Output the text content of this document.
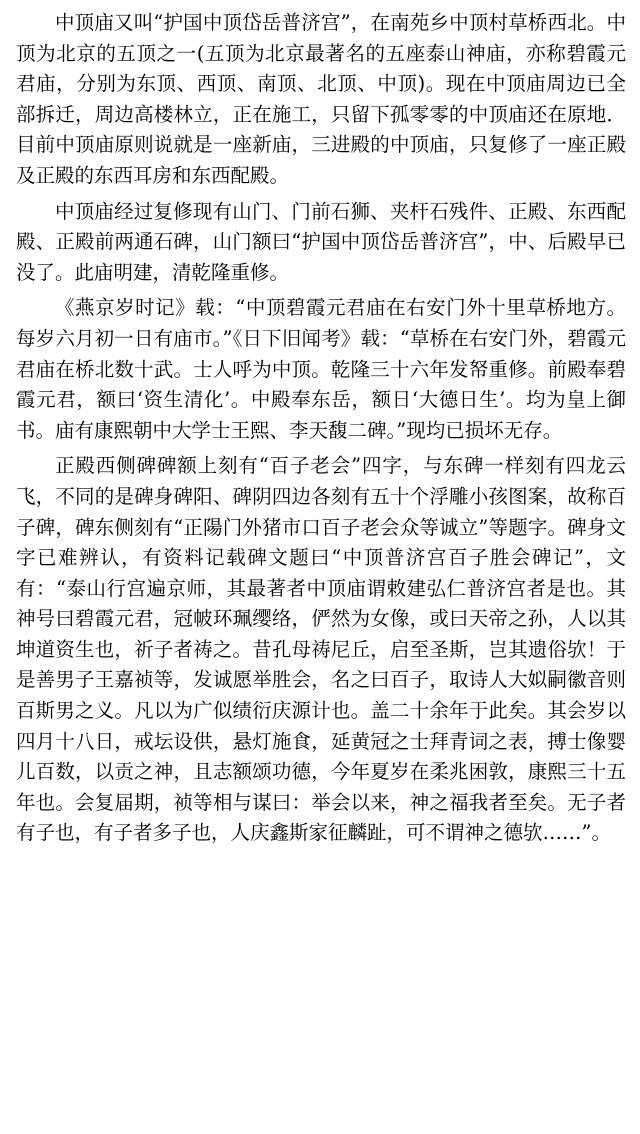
中顶庙又叫“护国中顶岱岳普济宫”，在南苑乡中顶村草桥西北。中顶为北京的五顶之一(五顶为北京最著名的五座泰山神庙，亦称碧霞元君庙，分别为东顶、西顶、南顶、北顶、中顶)。现在中顶庙周边已全部拆迁，周边高楼林立，正在施工，只留下孤零零的中顶庙还在原地．目前中顶庙原则说就是一座新庙，三进殿的中顶庙，只复修了一座正殿及正殿的东西耳房和东西配殿。

中顶庙经过复修现有山门、门前石狮、夹杆石残件、正殿、东西配殿、正殿前两通石碑，山门额曰“护国中顶岱岳普济宫”，中、后殿早已没了。此庙明建，清乾隆重修。

《燕京岁时记》载：“中顶碧霞元君庙在右安门外十里草桥地方。每岁六月初一日有庙市。”《日下旧闻考》载：“草桥在右安门外，碧霞元君庙在桥北数十武。士人呼为中顶。乾隆三十六年发帑重修。前殿奉碧霞元君，额曰‘资生清化’。中殿奉东岳，额日‘大德日生’。均为皇上御书。庙有康熙朝中大学士王熙、李天馥二碑。”现均已损坏无存。

正殿西侧碑碑额上刻有“百子老会”四字，与东碑一样刻有四龙云飞，不同的是碑身碑阳、碑阴四边各刻有五十个浮雕小孩图案，故称百子碑，碑东侧刻有“正陽门外猪市口百子老会众等诚立”等题字。碑身文字已难辨认，有资料记载碑文题曰“中顶普济宫百子胜会碑记”，文有：“泰山行宫遍京师，其最著者中顶庙谓敕建弘仁普济宫者是也。其神号曰碧霞元君，冠帔环珮缨络，俨然为女像，或曰天帝之孙，人以其坤道资生也，祈子者祷之。昔孔母祷尼丘，启至圣斯，岂其遗俗欤！于是善男子王嘉祯等，发诚愿举胜会，名之曰百子，取诗人大姒嗣徽音则百斯男之义。凡以为广似绩衍庆源计也。盖二十余年于此矣。其会岁以四月十八日，戒坛设供，悬灯施食，延黄冠之士拜青词之表，搏士像婴儿百数，以贡之神，且志额颂功德，今年夏岁在柔兆困敦，康熙三十五年也。会复届期，祯等相与谋曰：举会以来，神之福我者至矣。无子者有子也，有子者多子也，人庆鑫斯家征麟趾，可不谓神之德欤……”。
